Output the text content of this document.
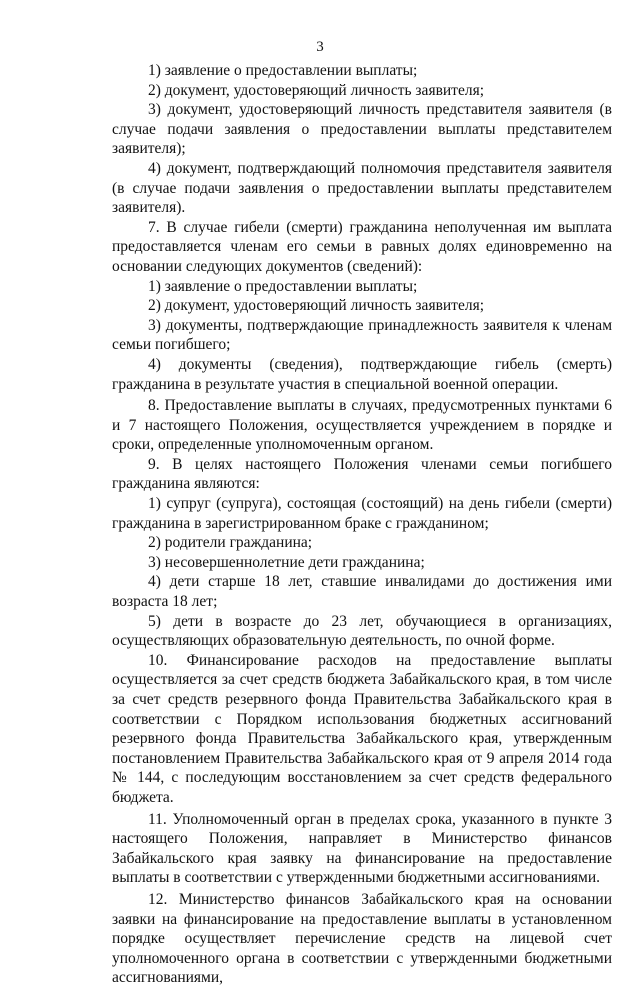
3

1) заявление о предоставлении выплаты;

2) документ, удостоверяющий личность заявителя;

3) документ, удостоверяющий личность представителя заявителя (в случае подачи заявления о предоставлении выплаты представителем заявителя);

4) документ, подтверждающий полномочия представителя заявителя (в случае подачи заявления о предоставлении выплаты представителем заявителя).

7. В случае гибели (смерти) гражданина неполученная им выплата предоставляется членам его семьи в равных долях единовременно на основании следующих документов (сведений):

1) заявление о предоставлении выплаты;

2) документ, удостоверяющий личность заявителя;

3) документы, подтверждающие принадлежность заявителя к членам семьи погибшего;

4) документы (сведения), подтверждающие гибель (смерть) гражданина в результате участия в специальной военной операции.

8. Предоставление выплаты в случаях, предусмотренных пунктами 6 и 7 настоящего Положения, осуществляется учреждением в порядке и сроки, определенные уполномоченным органом.

9. В целях настоящего Положения членами семьи погибшего гражданина являются:

1) супруг (супруга), состоящая (состоящий) на день гибели (смерти) гражданина в зарегистрированном браке с гражданином;

2) родители гражданина;

3) несовершеннолетние дети гражданина;

4) дети старше 18 лет, ставшие инвалидами до достижения ими возраста 18 лет;

5) дети в возрасте до 23 лет, обучающиеся в организациях, осуществляющих образовательную деятельность, по очной форме.

10. Финансирование расходов на предоставление выплаты осуществляется за счет средств бюджета Забайкальского края, в том числе за счет средств резервного фонда Правительства Забайкальского края в соответствии с Порядком использования бюджетных ассигнований резервного фонда Правительства Забайкальского края, утвержденным постановлением Правительства Забайкальского края от 9 апреля 2014 года № 144, с последующим восстановлением за счет средств федерального бюджета.

11. Уполномоченный орган в пределах срока, указанного в пункте 3 настоящего Положения, направляет в Министерство финансов Забайкальского края заявку на финансирование на предоставление выплаты в соответствии с утвержденными бюджетными ассигнованиями.

12. Министерство финансов Забайкальского края на основании заявки на финансирование на предоставление выплаты в установленном порядке осуществляет перечисление средств на лицевой счет уполномоченного органа в соответствии с утвержденными бюджетными ассигнованиями,
